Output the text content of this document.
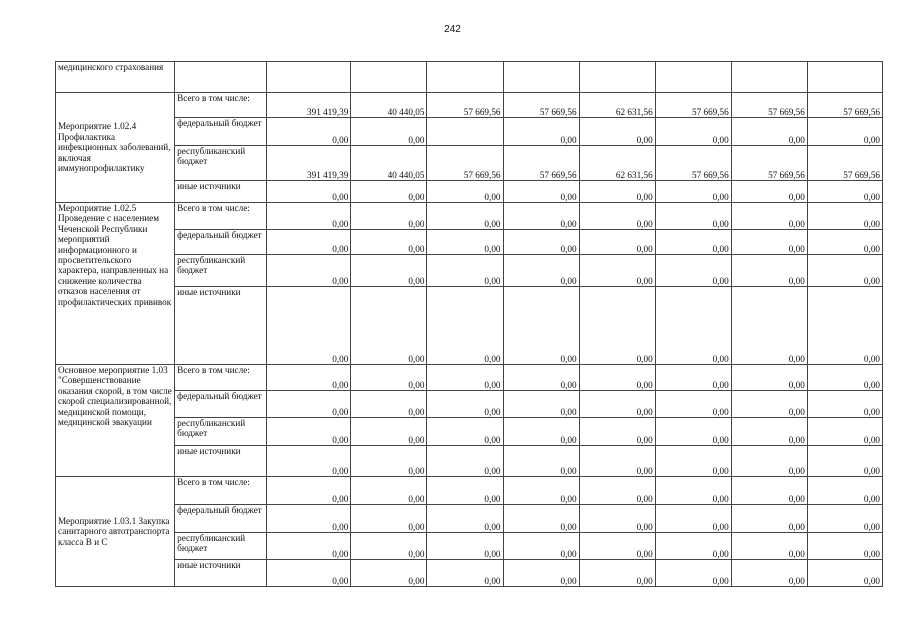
242
медицинского страхования									
Мероприятие 1.02.4 Профилактика инфекционных заболеваний, включая иммунопрофилактику	Всего в том числе:	391 419,39	40 440,05	57 669,56	57 669,56	62 631,56	57 669,56	57 669,56	57 669,56
	федеральный бюджет	0,00	0,00		0,00	0,00	0,00	0,00	0,00
	республиканский бюджет	391 419,39	40 440,05	57 669,56	57 669,56	62 631,56	57 669,56	57 669,56	57 669,56
	иные источники	0,00	0,00	0,00	0,00	0,00	0,00	0,00	0,00
Мероприятие 1.02.5 Проведение с населением Чеченской Республики мероприятий информационного и просветительского характера, направленных на снижение количества отказов населения от профилактических прививок	Всего в том числе:	0,00	0,00	0,00	0,00	0,00	0,00	0,00	0,00
	федеральный бюджет	0,00	0,00	0,00	0,00	0,00	0,00	0,00	0,00
	республиканский бюджет	0,00	0,00	0,00	0,00	0,00	0,00	0,00	0,00
	иные источники	0,00	0,00	0,00	0,00	0,00	0,00	0,00	0,00
Основное мероприятие 1.03 "Совершенствование оказания скорой, в том числе скорой специализированной, медицинской помощи, медицинской эвакуации	Всего в том числе:	0,00	0,00	0,00	0,00	0,00	0,00	0,00	0,00
	федеральный бюджет	0,00	0,00	0,00	0,00	0,00	0,00	0,00	0,00
	республиканский бюджет	0,00	0,00	0,00	0,00	0,00	0,00	0,00	0,00
	иные источники	0,00	0,00	0,00	0,00	0,00	0,00	0,00	0,00
Мероприятие 1.03.1 Закупка санитарного автотранспорта класса В и С	Всего в том числе:	0,00	0,00	0,00	0,00	0,00	0,00	0,00	0,00
	федеральный бюджет	0,00	0,00	0,00	0,00	0,00	0,00	0,00	0,00
	республиканский бюджет	0,00	0,00	0,00	0,00	0,00	0,00	0,00	0,00
	иные источники	0,00	0,00	0,00	0,00	0,00	0,00	0,00	0,00
